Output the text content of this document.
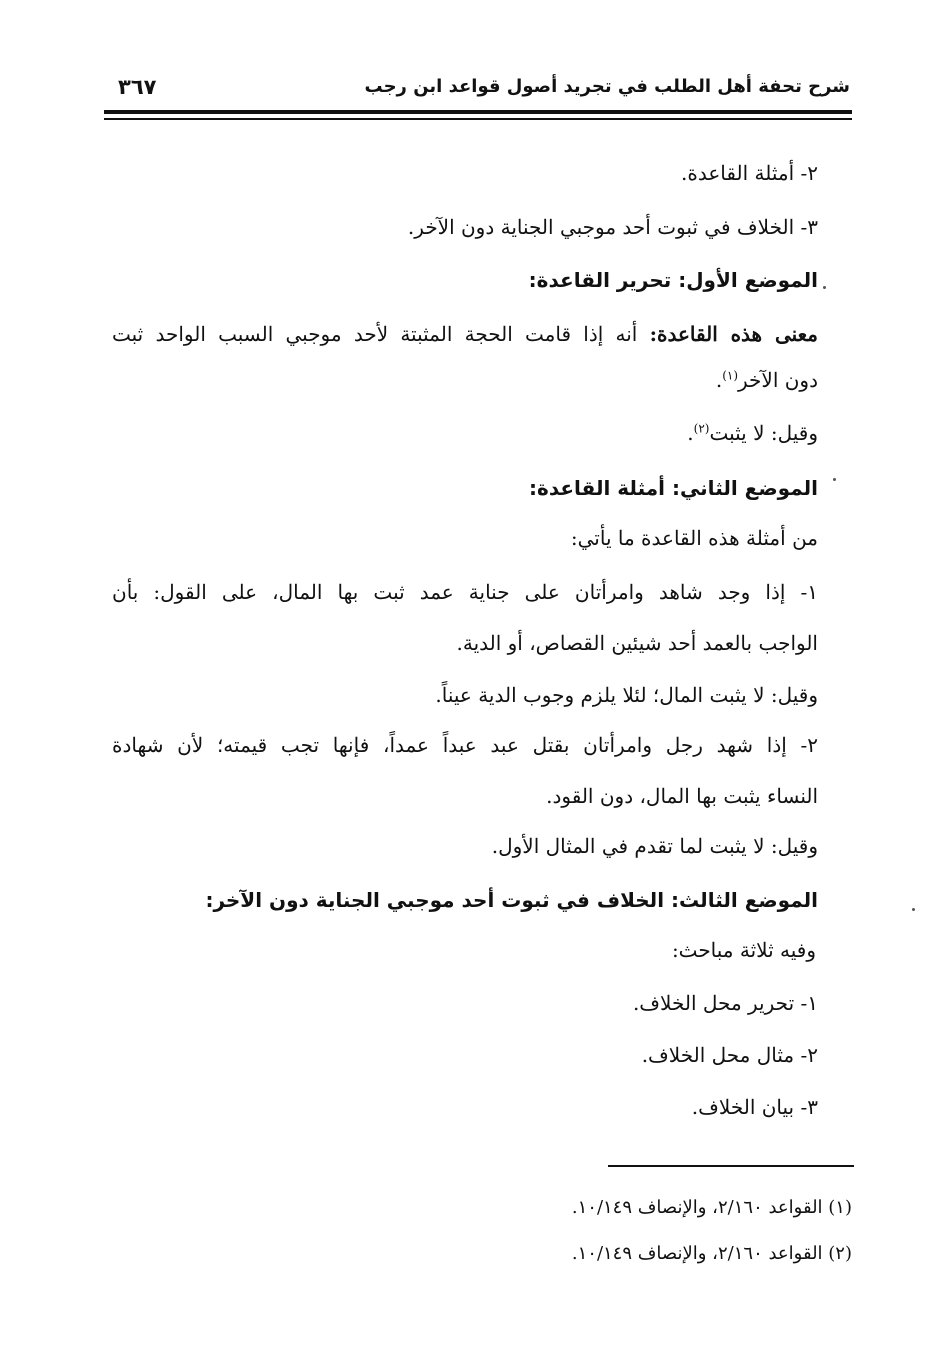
شرح تحفة أهل الطلب في تجريد أصول قواعد ابن رجب
٣٦٧
٢- أمثلة القاعدة.
٣- الخلاف في ثبوت أحد موجبي الجناية دون الآخر.
الموضع الأول: تحرير القاعدة:
معنى هذه القاعدة: أنه إذا قامت الحجة المثبتة لأحد موجبي السبب الواحد ثبت
دون الآخر$^{(١)}$.
وقيل: لا يثبت$^{(٢)}$.
الموضع الثاني: أمثلة القاعدة:
من أمثلة هذه القاعدة ما يأتي:
١- إذا وجد شاهد وامرأتان على جناية عمد ثبت بها المال، على القول: بأن
الواجب بالعمد أحد شيئين القصاص، أو الدية.
وقيل: لا يثبت المال؛ لئلا يلزم وجوب الدية عيناً.
٢- إذا شهد رجل وامرأتان بقتل عبد عبداً عمداً، فإنها تجب قيمته؛ لأن شهادة
النساء يثبت بها المال، دون القود.
وقيل: لا يثبت لما تقدم في المثال الأول.
الموضع الثالث: الخلاف في ثبوت أحد موجبي الجناية دون الآخر:
وفيه ثلاثة مباحث:
١- تحرير محل الخلاف.
٢- مثال محل الخلاف.
٣- بيان الخلاف.
(١) القواعد ٢/١٦٠، والإنصاف ١٠/١٤٩.
(٢) القواعد ٢/١٦٠، والإنصاف ١٠/١٤٩.
